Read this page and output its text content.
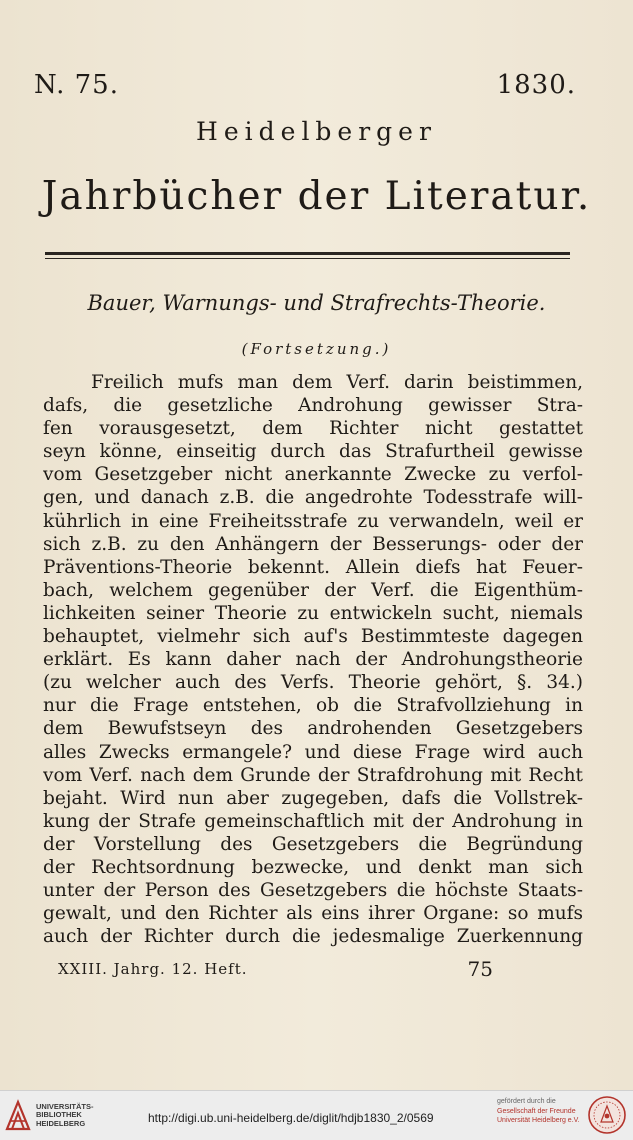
N. 75.	1830.
Heidelberger
Jahrbücher der Literatur.
Bauer, Warnungs- und Strafrechts-Theorie.
(Fortsetzung.)
Freilich mufs man dem Verf. darin beistimmen,
dafs, die gesetzliche Androhung gewisser Stra-
fen vorausgesetzt, dem Richter nicht gestattet
seyn könne, einseitig durch das Strafurtheil gewisse
vom Gesetzgeber nicht anerkannte Zwecke zu verfol-
gen, und danach z.B. die angedrohte Todesstrafe will-
kührlich in eine Freiheitsstrafe zu verwandeln, weil er
sich z.B. zu den Anhängern der Besserungs- oder der
Präventions-Theorie bekennt. Allein diefs hat Feuer-
bach, welchem gegenüber der Verf. die Eigenthüm-
lichkeiten seiner Theorie zu entwickeln sucht, niemals
behauptet, vielmehr sich auf's Bestimmteste dagegen
erklärt. Es kann daher nach der Androhungstheorie
(zu welcher auch des Verfs. Theorie gehört, §. 34.)
nur die Frage entstehen, ob die Strafvollziehung in
dem Bewufstseyn des androhenden Gesetzgebers
alles Zwecks ermangele? und diese Frage wird auch
vom Verf. nach dem Grunde der Strafdrohung mit Recht
bejaht. Wird nun aber zugegeben, dafs die Vollstrek-
kung der Strafe gemeinschaftlich mit der Androhung in
der Vorstellung des Gesetzgebers die Begründung
der Rechtsordnung bezwecke, und denkt man sich
unter der Person des Gesetzgebers die höchste Staats-
gewalt, und den Richter als eins ihrer Organe: so mufs
auch der Richter durch die jedesmalige Zuerkennung
XXIII. Jahrg. 12. Heft.	75
UNIVERSITÄTS-
BIBLIOTHEK
HEIDELBERG	http://digi.ub.uni-heidelberg.de/diglit/hdjb1830_2/0569
gefördert durch die
Gesellschaft der Freunde
Universität Heidelberg e.V.
